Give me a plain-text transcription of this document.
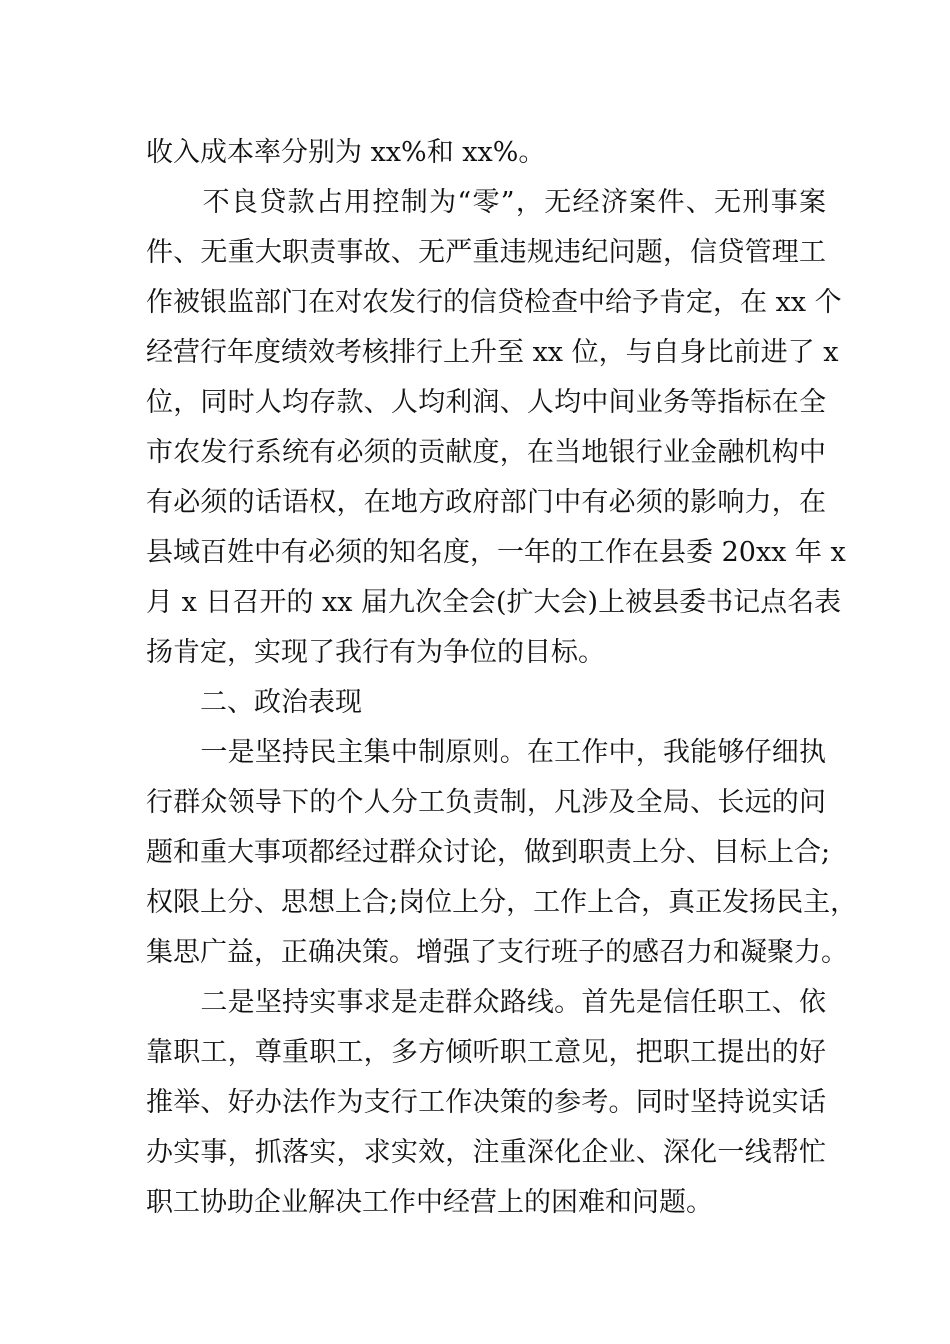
收入成本率分别为 xx%和 xx%。
　　不良贷款占用控制为“零”，无经济案件、无刑事案
件、无重大职责事故、无严重违规违纪问题，信贷管理工
作被银监部门在对农发行的信贷检查中给予肯定，在 xx 个
经营行年度绩效考核排行上升至 xx 位，与自身比前进了 x
位，同时人均存款、人均利润、人均中间业务等指标在全
市农发行系统有必须的贡献度，在当地银行业金融机构中
有必须的话语权，在地方政府部门中有必须的影响力，在
县域百姓中有必须的知名度，一年的工作在县委 20xx 年 x
月 x 日召开的 xx 届九次全会(扩大会)上被县委书记点名表
扬肯定，实现了我行有为争位的目标。
　　二、政治表现
　　一是坚持民主集中制原则。在工作中，我能够仔细执
行群众领导下的个人分工负责制，凡涉及全局、长远的问
题和重大事项都经过群众讨论，做到职责上分、目标上合;
权限上分、思想上合;岗位上分，工作上合，真正发扬民主，
集思广益，正确决策。增强了支行班子的感召力和凝聚力。
　　二是坚持实事求是走群众路线。首先是信任职工、依
靠职工，尊重职工，多方倾听职工意见，把职工提出的好
推举、好办法作为支行工作决策的参考。同时坚持说实话
办实事，抓落实，求实效，注重深化企业、深化一线帮忙
职工协助企业解决工作中经营上的困难和问题。
